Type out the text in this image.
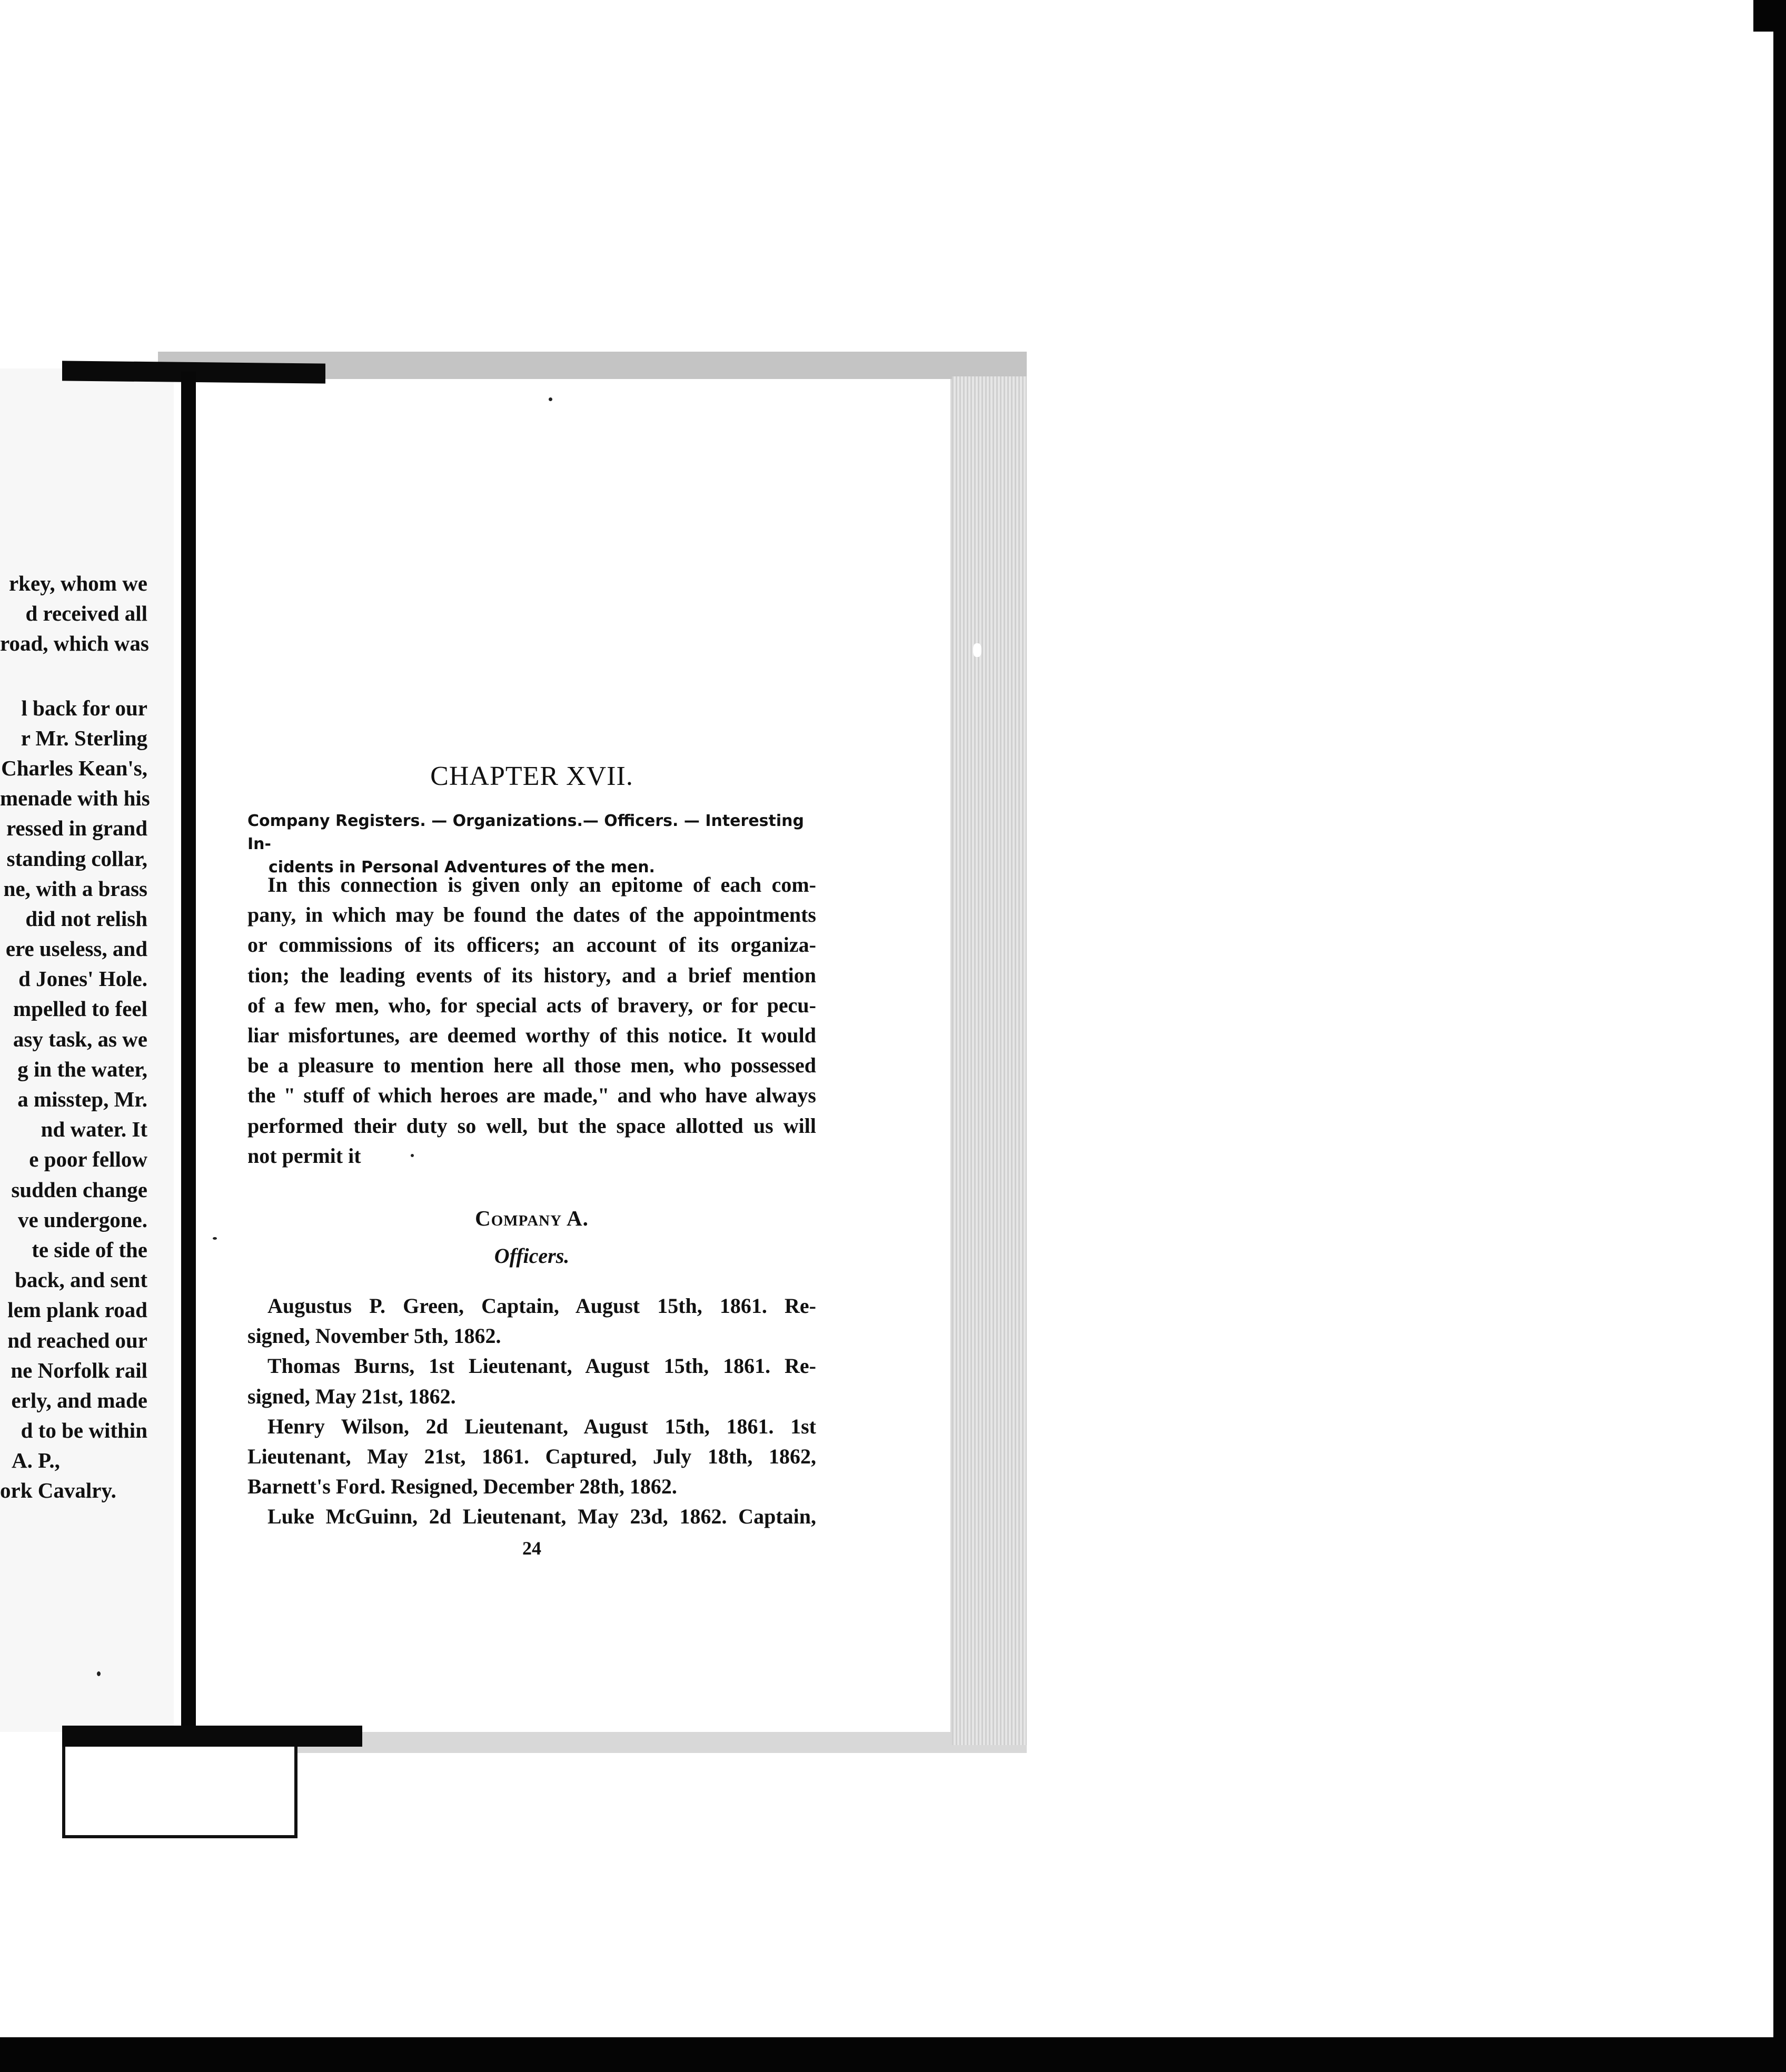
rkey, whom we
d received all
road, which was
l back for our
r Mr. Sterling
Charles Kean's,
menade with his
ressed in grand
standing collar,
ne, with a brass
did not relish
ere useless, and
d Jones' Hole.
mpelled to feel
asy task, as we
g in the water,
a misstep, Mr.
nd water. It
e poor fellow
sudden change
ve undergone.
te side of the
back, and sent
lem plank road
nd reached our
ne Norfolk rail
erly, and made
d to be within
A. P.,
ork Cavalry.
CHAPTER XVII.
Company Registers. — Organizations.— Officers. — Interesting In-
cidents in Personal Adventures of the men.
In this connection is given only an epitome of each com-
pany, in which may be found the dates of the appointments
or commissions of its officers; an account of its organiza-
tion; the leading events of its history, and a brief mention
of a few men, who, for special acts of bravery, or for pecu-
liar misfortunes, are deemed worthy of this notice. It would
be a pleasure to mention here all those men, who possessed
the " stuff of which heroes are made," and who have always
performed their duty so well, but the space allotted us will
not permit it
Company A.
Officers.
Augustus P. Green, Captain, August 15th, 1861. Re-
signed, November 5th, 1862.
Thomas Burns, 1st Lieutenant, August 15th, 1861. Re-
signed, May 21st, 1862.
Henry Wilson, 2d Lieutenant, August 15th, 1861. 1st
Lieutenant, May 21st, 1861. Captured, July 18th, 1862,
Barnett's Ford. Resigned, December 28th, 1862.
Luke McGuinn, 2d Lieutenant, May 23d, 1862. Captain,
24
